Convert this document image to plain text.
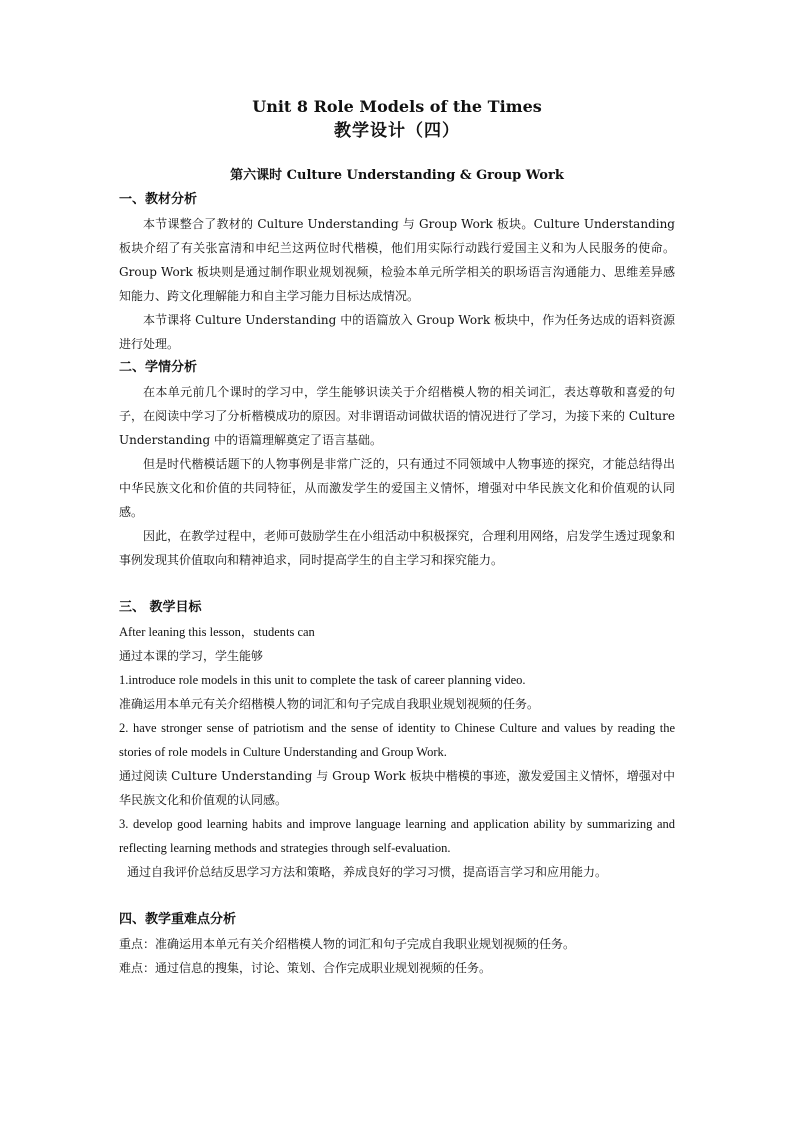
Unit 8 Role Models of the Times

教学设计（四）

第六课时 Culture Understanding & Group Work

一、教材分析

本节课整合了教材的 Culture Understanding 与 Group Work 板块。Culture Understanding 板块介绍了有关张富清和申纪兰这两位时代楷模，他们用实际行动践行爱国主义和为人民服务的使命。Group Work 板块则是通过制作职业规划视频，检验本单元所学相关的职场语言沟通能力、思维差异感知能力、跨文化理解能力和自主学习能力目标达成情况。

本节课将 Culture Understanding 中的语篇放入 Group Work 板块中，作为任务达成的语料资源进行处理。

二、学情分析

在本单元前几个课时的学习中，学生能够识读关于介绍楷模人物的相关词汇，表达尊敬和喜爱的句子，在阅读中学习了分析楷模成功的原因。对非谓语动词做状语的情况进行了学习，为接下来的 Culture Understanding 中的语篇理解奠定了语言基础。

但是时代楷模话题下的人物事例是非常广泛的，只有通过不同领域中人物事迹的探究，才能总结得出中华民族文化和价值的共同特征，从而激发学生的爱国主义情怀，增强对中华民族文化和价值观的认同感。

因此，在教学过程中，老师可鼓励学生在小组活动中积极探究，合理利用网络，启发学生透过现象和事例发现其价值取向和精神追求，同时提高学生的自主学习和探究能力。

三、 教学目标

After leaning this lesson，students can

通过本课的学习，学生能够

1.introduce role models in this unit to complete the task of career planning video.

准确运用本单元有关介绍楷模人物的词汇和句子完成自我职业规划视频的任务。

2. have stronger sense of patriotism and the sense of identity to Chinese Culture and values by reading the stories of role models in Culture Understanding and Group Work.

通过阅读 Culture Understanding 与 Group Work 板块中楷模的事迹，激发爱国主义情怀，增强对中华民族文化和价值观的认同感。

3. develop good learning habits and improve language learning and application ability by summarizing and reflecting learning methods and strategies through self-evaluation.

通过自我评价总结反思学习方法和策略，养成良好的学习习惯，提高语言学习和应用能力。

四、教学重难点分析

重点：准确运用本单元有关介绍楷模人物的词汇和句子完成自我职业规划视频的任务。

难点：通过信息的搜集，讨论、策划、合作完成职业规划视频的任务。
